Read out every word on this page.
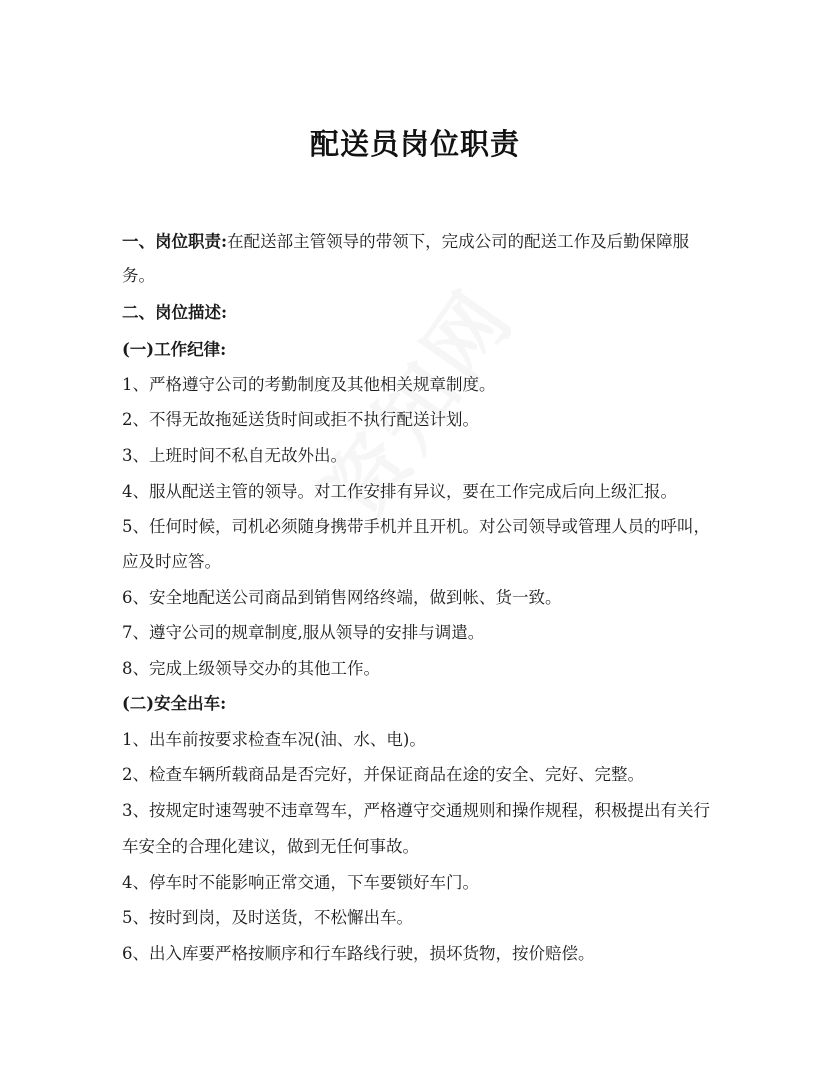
配送员岗位职责
一、岗位职责:在配送部主管领导的带领下，完成公司的配送工作及后勤保障服
务。
二、岗位描述:
(一)工作纪律:
1、严格遵守公司的考勤制度及其他相关规章制度。
2、不得无故拖延送货时间或拒不执行配送计划。
3、上班时间不私自无故外出。
4、服从配送主管的领导。对工作安排有异议，要在工作完成后向上级汇报。
5、任何时候，司机必须随身携带手机并且开机。对公司领导或管理人员的呼叫，
应及时应答。
6、安全地配送公司商品到销售网络终端，做到帐、货一致。
7、遵守公司的规章制度,服从领导的安排与调遣。
8、完成上级领导交办的其他工作。
(二)安全出车:
1、出车前按要求检查车况(油、水、电)。
2、检查车辆所载商品是否完好，并保证商品在途的安全、完好、完整。
3、按规定时速驾驶不违章驾车，严格遵守交通规则和操作规程，积极提出有关行
车安全的合理化建议，做到无任何事故。
4、停车时不能影响正常交通，下车要锁好车门。
5、按时到岗，及时送货，不松懈出车。
6、出入库要严格按顺序和行车路线行驶，损坏货物，按价赔偿。
